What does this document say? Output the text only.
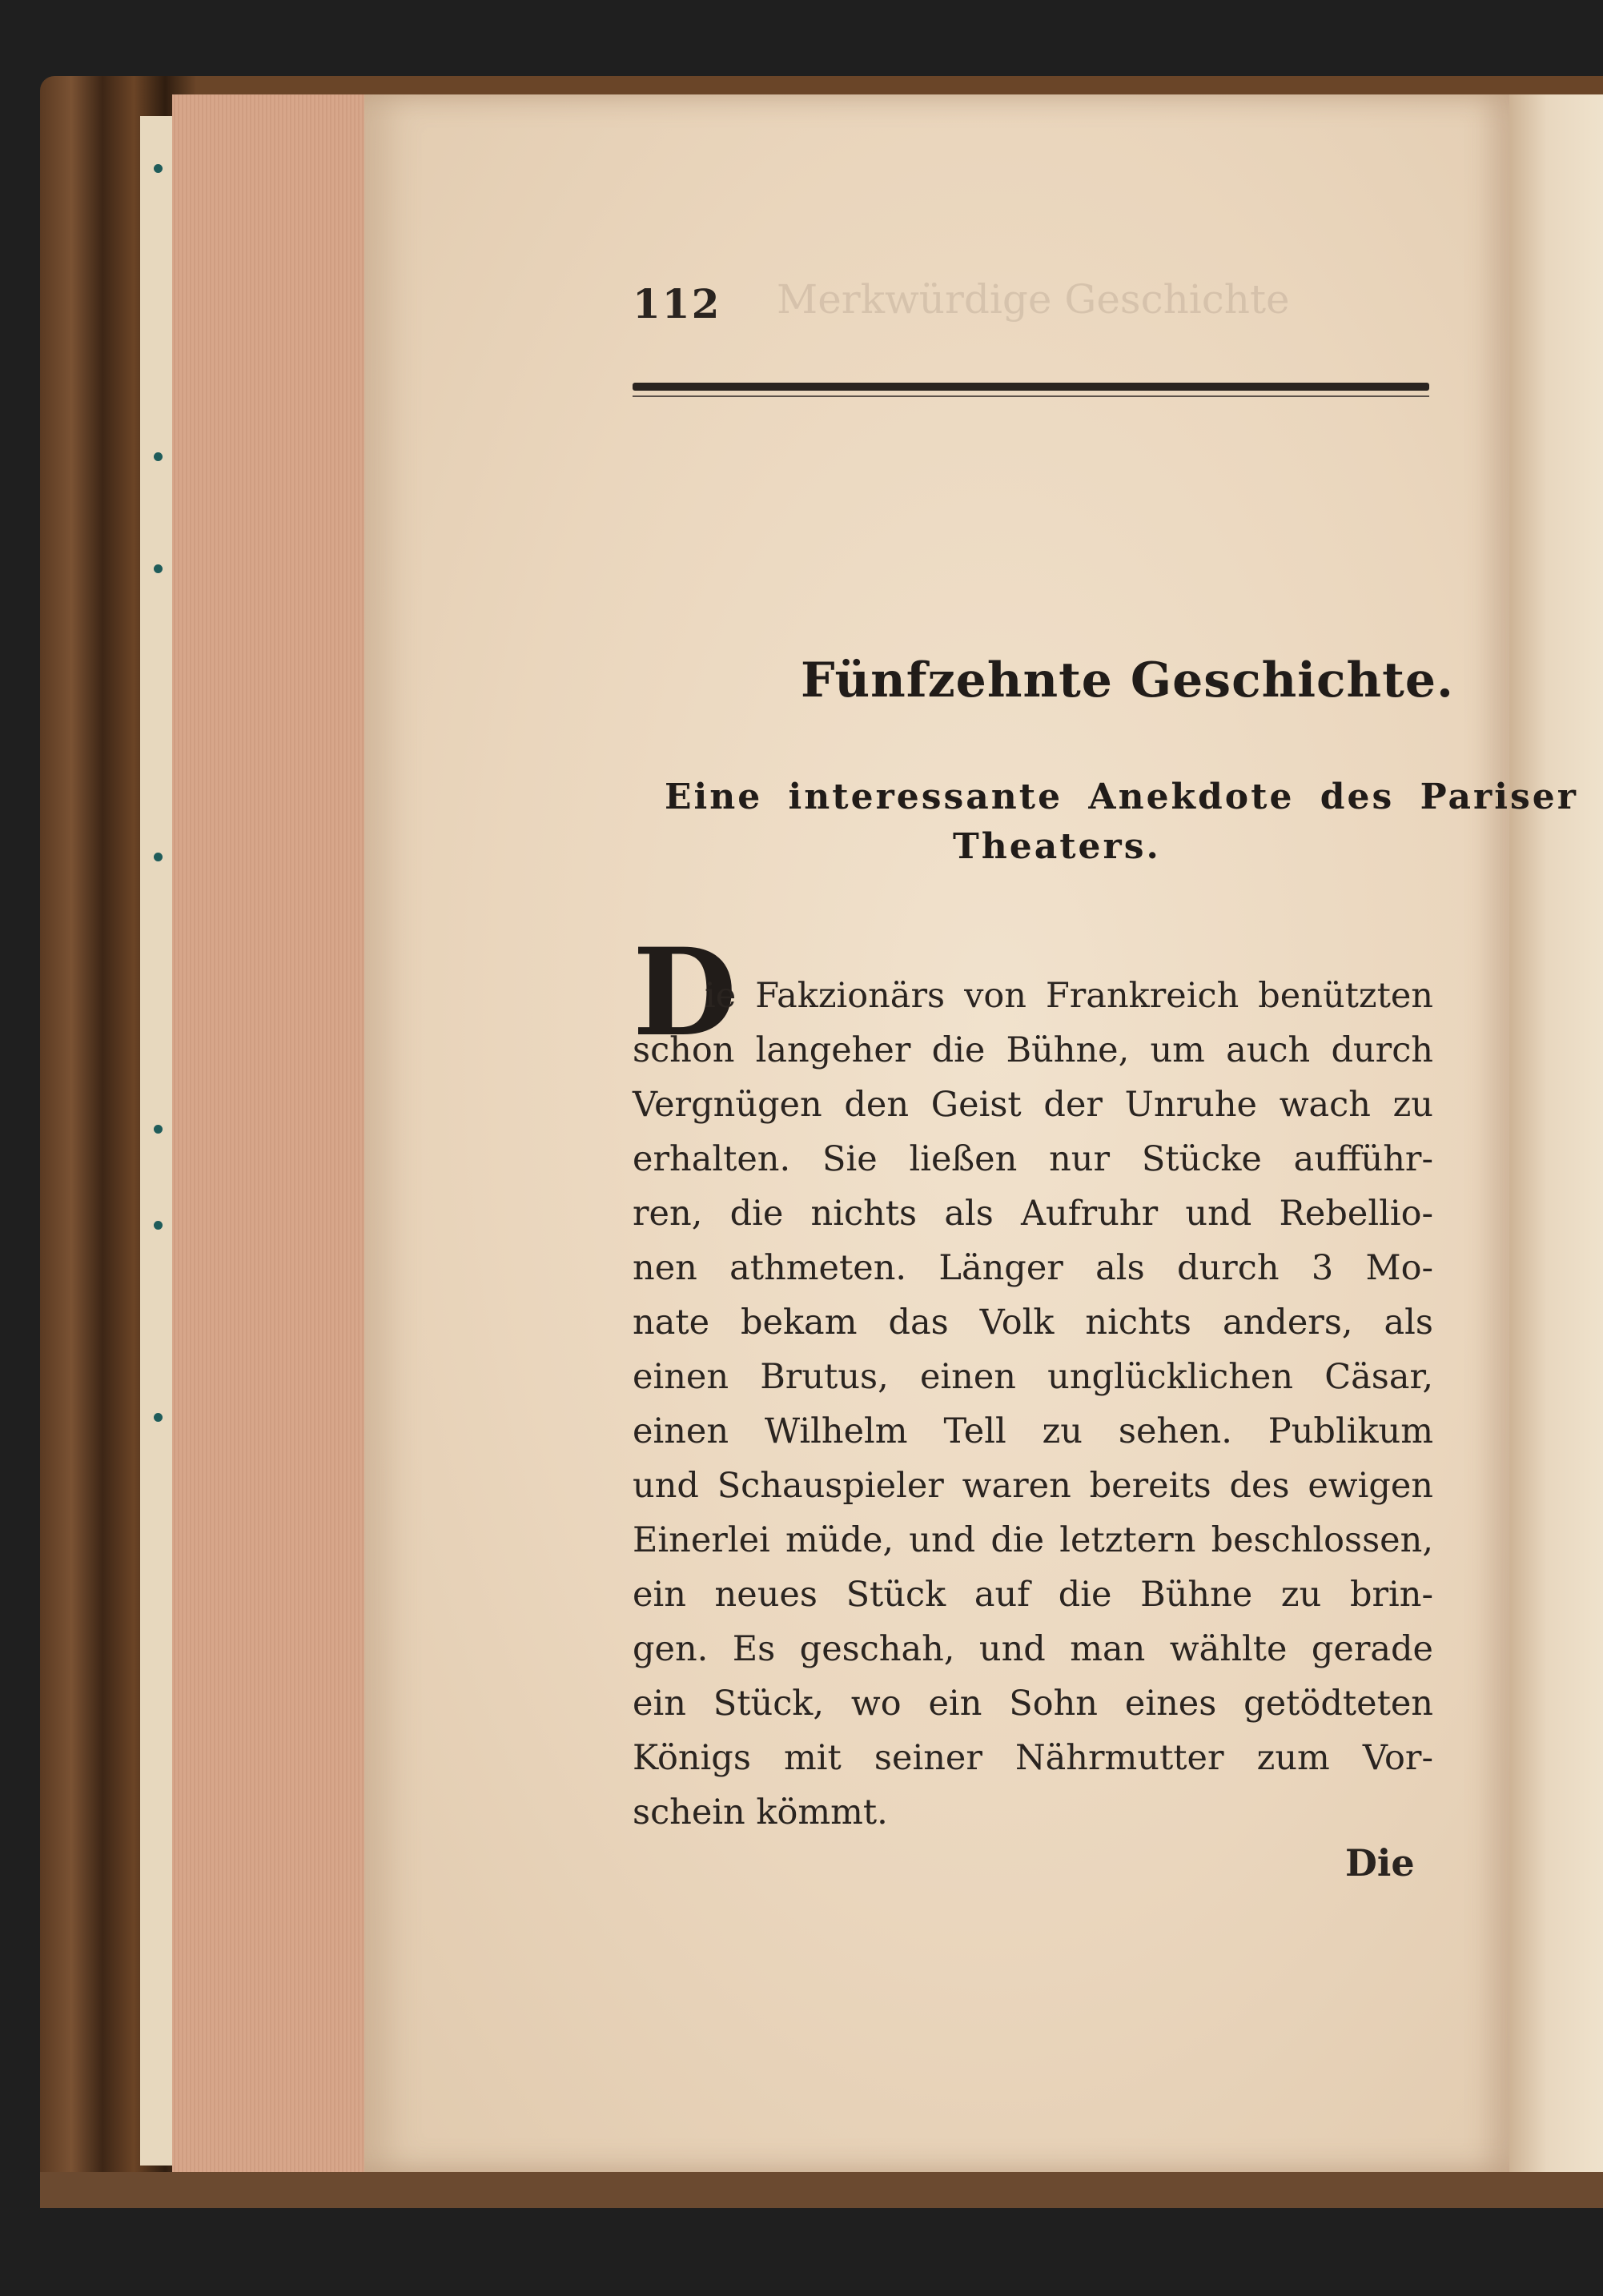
Merkwürdige Geschichte
112
Fünfzehnte Geschichte.
Eine interessante Anekdote des Pariser
Theaters.
D
ie Fakzionärs von Frankreich benützten
schon langeher die Bühne, um auch durch
Vergnügen den Geist der Unruhe wach zu
erhalten. Sie ließen nur Stücke aufführ-
ren, die nichts als Aufruhr und Rebellio-
nen athmeten. Länger als durch 3 Mo-
nate bekam das Volk nichts anders, als
einen Brutus, einen unglücklichen Cäsar,
einen Wilhelm Tell zu sehen. Publikum
und Schauspieler waren bereits des ewigen
Einerlei müde, und die letztern beschlossen,
ein neues Stück auf die Bühne zu brin-
gen. Es geschah, und man wählte gerade
ein Stück, wo ein Sohn eines getödteten
Königs mit seiner Nährmutter zum Vor-
schein kömmt.
Die
